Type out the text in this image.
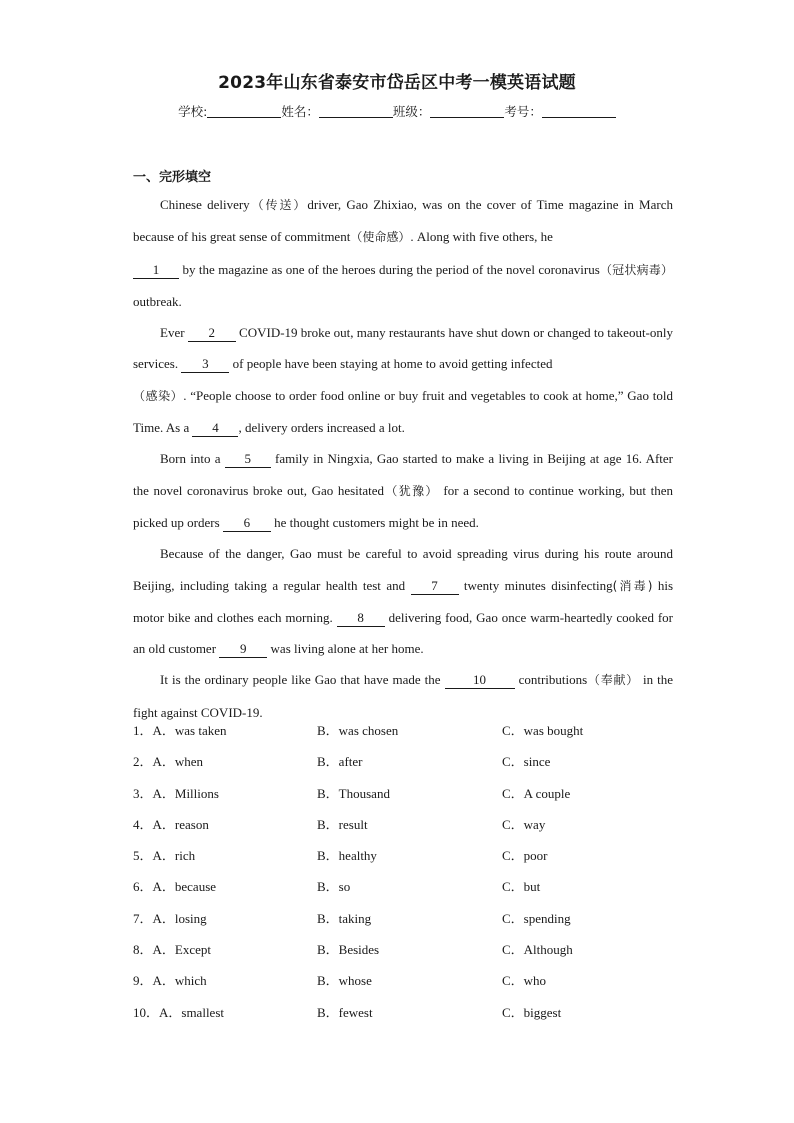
2023年山东省泰安市岱岳区中考一模英语试题
学校:	姓名：	班级：	考号：
一、完形填空

Chinese delivery（传送）driver, Gao Zhixiao, was on the cover of Time magazine in March because of his great sense of commitment（使命感）. Along with five others, he
1 by the magazine as one of the heroes during the period of the novel coronavirus（冠状病毒）outbreak.

Ever 2 COVID-19 broke out, many restaurants have shut down or changed to takeout-only services. 3 of people have been staying at home to avoid getting infected
（感染）. “People choose to order food online or buy fruit and vegetables to cook at home,” Gao told Time. As a 4 , delivery orders increased a lot.

Born into a 5 family in Ningxia, Gao started to make a living in Beijing at age 16. After the novel coronavirus broke out, Gao hesitated（犹豫） for a second to continue working, but then picked up orders 6 he thought customers might be in need.

Because of the danger, Gao must be careful to avoid spreading virus during his route around Beijing, including taking a regular health test and 7 twenty minutes disinfecting(消毒) his motor bike and clothes each morning. 8 delivering food, Gao once warm-heartedly cooked for an old customer 9 was living alone at her home.

It is the ordinary people like Gao that have made the	10	contributions（奉献） in the fight against COVID-19.

1．A．was taken	B．was chosen	C．was bought
2．A．when	B．after	C．since
3．A．Millions	B．Thousand	C．A couple
4．A．reason	B．result	C．way
5．A．rich	B．healthy	C．poor
6．A．because	B．so	C．but
7．A．losing	B．taking	C．spending
8．A．Except	B．Besides	C．Although
9．A．which	B．whose	C．who
10．A．smallest	B．fewest	C．biggest
